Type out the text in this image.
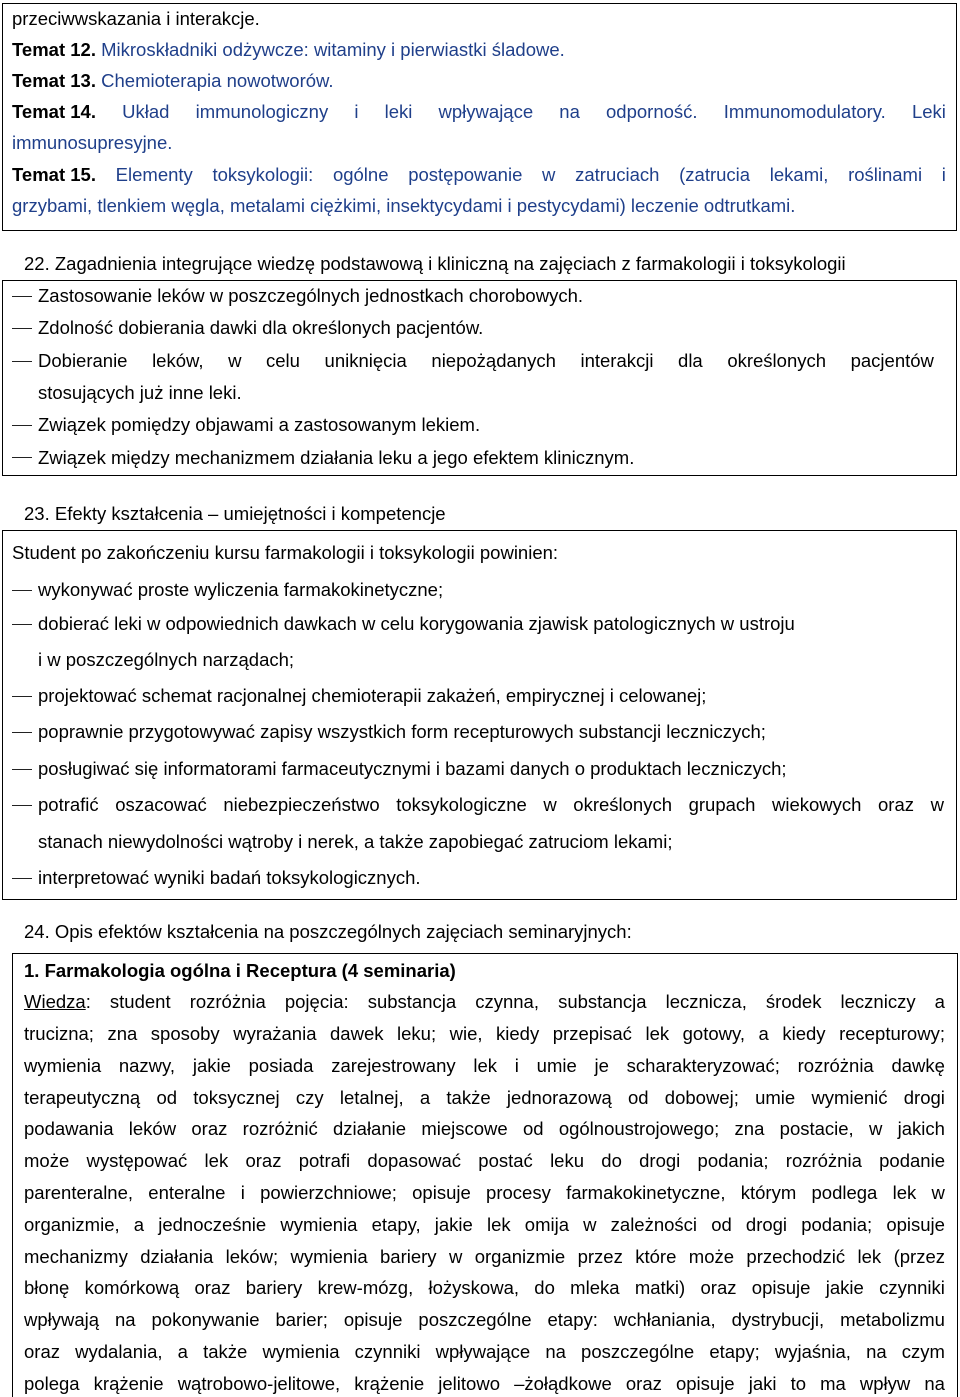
przeciwwskazania i interakcje.
Temat 12. Mikroskładniki odżywcze: witaminy i pierwiastki śladowe.
Temat 13. Chemioterapia nowotworów.
Temat 14. Układ immunologiczny i leki wpływające na odporność. Immunomodulatory. Leki
immunosupresyjne.
Temat 15. Elementy toksykologii: ogólne postępowanie w zatruciach (zatrucia lekami, roślinami i
grzybami, tlenkiem węgla, metalami ciężkimi, insektycydami i pestycydami) leczenie odtrutkami.
22. Zagadnienia integrujące wiedzę podstawową i kliniczną na zajęciach z farmakologii i toksykologii
Zastosowanie leków w poszczególnych jednostkach chorobowych.
Zdolność dobierania dawki dla określonych pacjentów.
Dobieranie leków, w celu uniknięcia niepożądanych interakcji dla określonych pacjentów
stosujących już inne leki.
Związek pomiędzy objawami a zastosowanym lekiem.
Związek między mechanizmem działania leku a jego efektem klinicznym.
23. Efekty kształcenia – umiejętności i kompetencje
Student po zakończeniu kursu farmakologii i toksykologii powinien:
wykonywać proste wyliczenia farmakokinetyczne;
dobierać leki w odpowiednich dawkach w celu korygowania zjawisk patologicznych w ustroju
i w poszczególnych narządach;
projektować schemat racjonalnej chemioterapii zakażeń, empirycznej i celowanej;
poprawnie przygotowywać zapisy wszystkich form recepturowych substancji leczniczych;
posługiwać się informatorami farmaceutycznymi i bazami danych o produktach leczniczych;
potrafić oszacować niebezpieczeństwo toksykologiczne w określonych grupach wiekowych oraz w
stanach niewydolności wątroby i nerek, a także zapobiegać zatruciom lekami;
interpretować wyniki badań toksykologicznych.
24. Opis efektów kształcenia na poszczególnych zajęciach seminaryjnych:
1. Farmakologia ogólna i Receptura (4 seminaria)
Wiedza: student rozróżnia pojęcia: substancja czynna, substancja lecznicza, środek leczniczy a
trucizna; zna sposoby wyrażania dawek leku; wie, kiedy przepisać lek gotowy, a kiedy recepturowy;
wymienia nazwy, jakie posiada zarejestrowany lek i umie je scharakteryzować; rozróżnia dawkę
terapeutyczną od toksycznej czy letalnej, a także jednorazową od dobowej; umie wymienić drogi
podawania leków oraz rozróżnić działanie miejscowe od ogólnoustrojowego; zna postacie, w jakich
może występować lek oraz potrafi dopasować postać leku do drogi podania; rozróżnia podanie
parenteralne, enteralne i powierzchniowe; opisuje procesy farmakokinetyczne, którym podlega lek w
organizmie, a jednocześnie wymienia etapy, jakie lek omija w zależności od drogi podania; opisuje
mechanizmy działania leków; wymienia bariery w organizmie przez które może przechodzić lek (przez
błonę komórkową oraz bariery krew-mózg, łożyskowa, do mleka matki) oraz opisuje jakie czynniki
wpływają na pokonywanie barier; opisuje poszczególne etapy: wchłaniania, dystrybucji, metabolizmu
oraz wydalania, a także wymienia czynniki wpływające na poszczególne etapy; wyjaśnia, na czym
polega krążenie wątrobowo-jelitowe, krążenie jelitowo –żołądkowe oraz opisuje jaki to ma wpływ na
